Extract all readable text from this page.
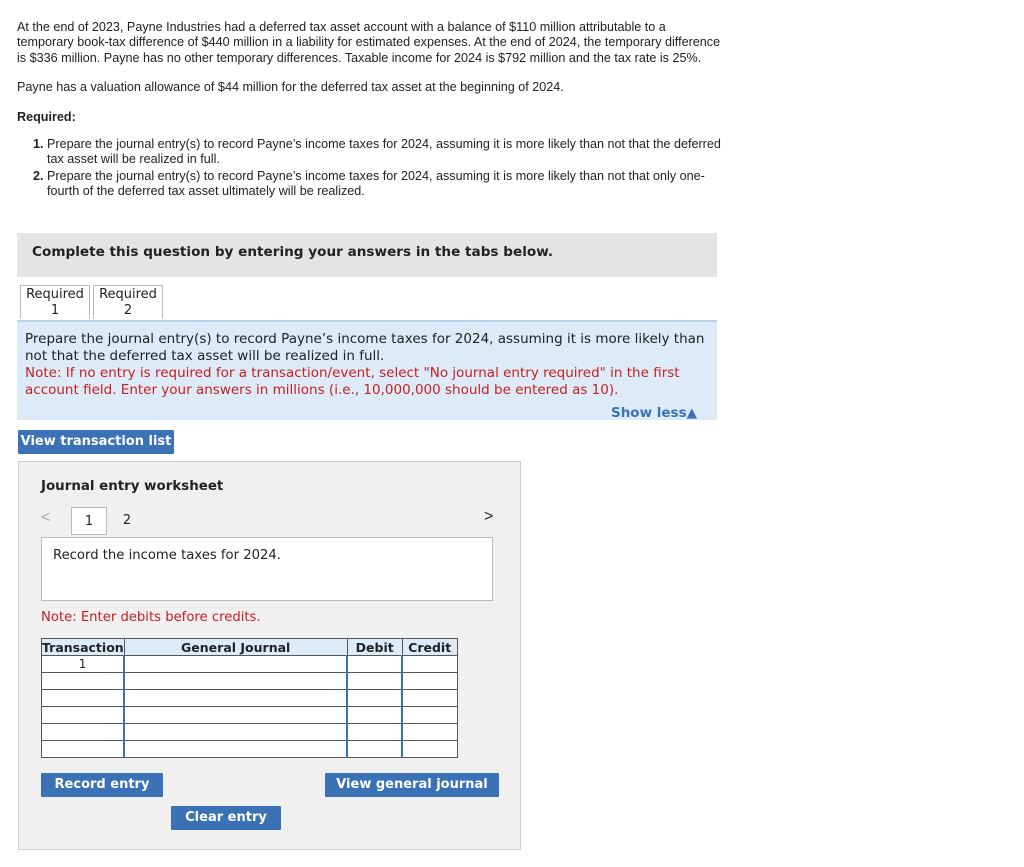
At the end of 2023, Payne Industries had a deferred tax asset account with a balance of $110 million attributable to a temporary book-tax difference of $440 million in a liability for estimated expenses. At the end of 2024, the temporary difference is $336 million. Payne has no other temporary differences. Taxable income for 2024 is $792 million and the tax rate is 25%.

Payne has a valuation allowance of $44 million for the deferred tax asset at the beginning of 2024.

Required:

1. Prepare the journal entry(s) to record Payne’s income taxes for 2024, assuming it is more likely than not that the deferred tax asset will be realized in full.
2. Prepare the journal entry(s) to record Payne’s income taxes for 2024, assuming it is more likely than not that only one-fourth of the deferred tax asset ultimately will be realized.
Complete this question by entering your answers in the tabs below.
Required
1
Required
2
Prepare the journal entry(s) to record Payne’s income taxes for 2024, assuming it is more likely than not that the deferred tax asset will be realized in full.
Note: If no entry is required for a transaction/event, select "No journal entry required" in the first account field. Enter your answers in millions (i.e., 10,000,000 should be entered as 10).
Show less▲
View transaction list
Journal entry worksheet
<	1	2	>
Record the income taxes for 2024.
Note: Enter debits before credits.
Transaction	General Journal	Debit	Credit
1			

Record entry	View general journal
Clear entry
